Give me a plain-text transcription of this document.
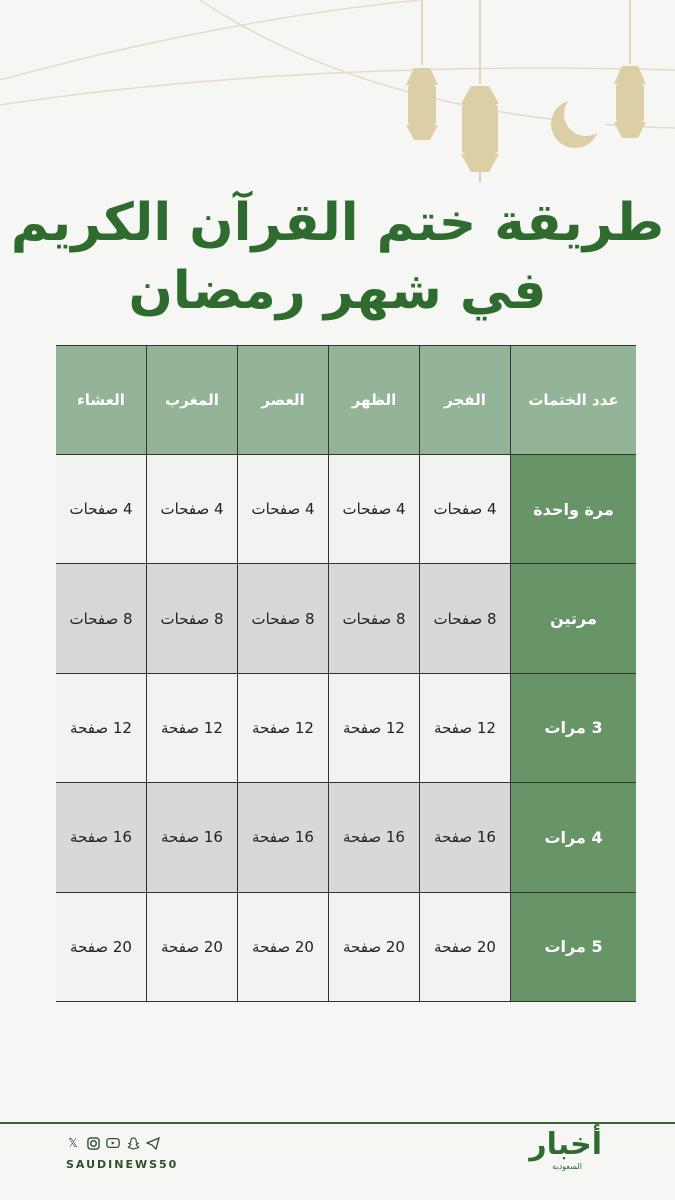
طريقة ختم القرآن الكريم
في شهر رمضان
عدد الختمات
الفجر
الظهر
العصر
المغرب
العشاء
مرة واحدة
4 صفحات
4 صفحات
4 صفحات
4 صفحات
4 صفحات
مرتين
8 صفحات
8 صفحات
8 صفحات
8 صفحات
8 صفحات
3 مرات
12 صفحة
12 صفحة
12 صفحة
12 صفحة
12 صفحة
4 مرات
16 صفحة
16 صفحة
16 صفحة
16 صفحة
16 صفحة
5 مرات
20 صفحة
20 صفحة
20 صفحة
20 صفحة
20 صفحة
𝕏
SAUDINEWS50
أخبار
السعودية
